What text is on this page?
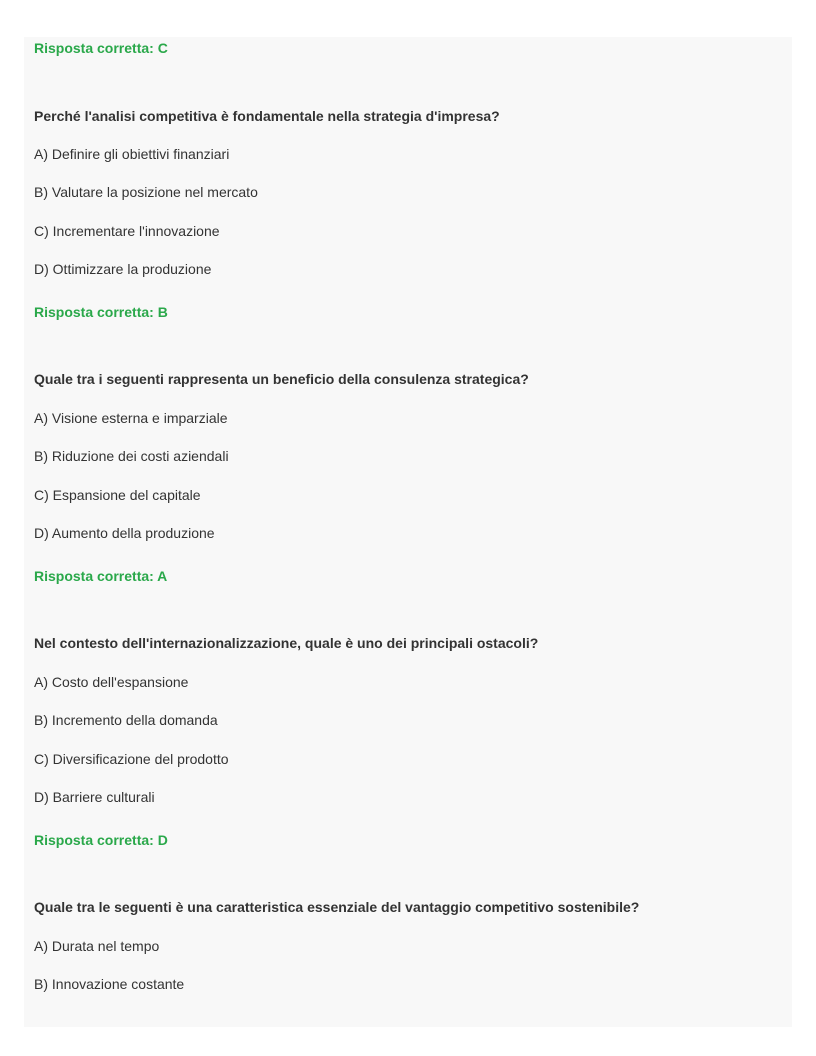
Risposta corretta: C
Perché l'analisi competitiva è fondamentale nella strategia d'impresa?
A) Definire gli obiettivi finanziari
B) Valutare la posizione nel mercato
C) Incrementare l'innovazione
D) Ottimizzare la produzione
Risposta corretta: B
Quale tra i seguenti rappresenta un beneficio della consulenza strategica?
A) Visione esterna e imparziale
B) Riduzione dei costi aziendali
C) Espansione del capitale
D) Aumento della produzione
Risposta corretta: A
Nel contesto dell'internazionalizzazione, quale è uno dei principali ostacoli?
A) Costo dell'espansione
B) Incremento della domanda
C) Diversificazione del prodotto
D) Barriere culturali
Risposta corretta: D
Quale tra le seguenti è una caratteristica essenziale del vantaggio competitivo sostenibile?
A) Durata nel tempo
B) Innovazione costante
